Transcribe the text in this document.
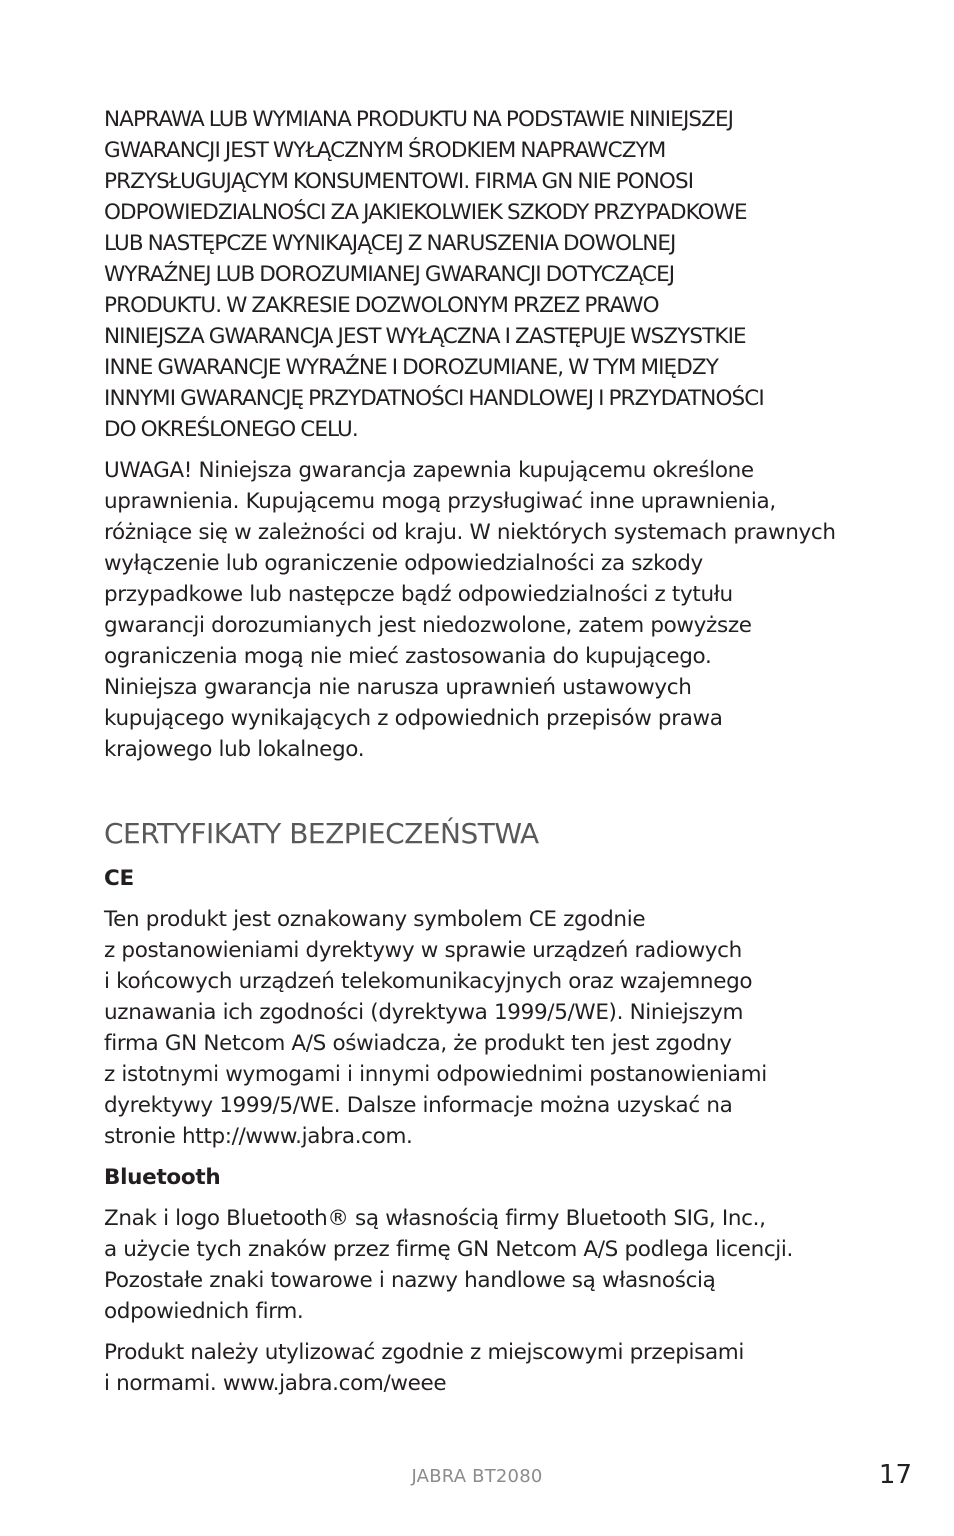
NAPRAWA LUB WYMIANA PRODUKTU NA PODSTAWIE NINIEJSZEJ
GWARANCJI JEST WYŁĄCZNYM ŚRODKIEM NAPRAWCZYM
PRZYSŁUGUJĄCYM KONSUMENTOWI. FIRMA GN NIE PONOSI
ODPOWIEDZIALNOŚCI ZA JAKIEKOLWIEK SZKODY PRZYPADKOWE
LUB NASTĘPCZE WYNIKAJĄCEJ Z NARUSZENIA DOWOLNEJ
WYRAŹNEJ LUB DOROZUMIANEJ GWARANCJI DOTYCZĄCEJ
PRODUKTU. W ZAKRESIE DOZWOLONYM PRZEZ PRAWO
NINIEJSZA GWARANCJA JEST WYŁĄCZNA I ZASTĘPUJE WSZYSTKIE
INNE GWARANCJE WYRAŹNE I DOROZUMIANE, W TYM MIĘDZY
INNYMI GWARANCJĘ PRZYDATNOŚCI HANDLOWEJ I PRZYDATNOŚCI
DO OKREŚLONEGO CELU.

UWAGA! Niniejsza gwarancja zapewnia kupującemu określone
uprawnienia. Kupującemu mogą przysługiwać inne uprawnienia,
różniące się w zależności od kraju. W niektórych systemach prawnych
wyłączenie lub ograniczenie odpowiedzialności za szkody
przypadkowe lub następcze bądź odpowiedzialności z tytułu
gwarancji dorozumianych jest niedozwolone, zatem powyższe
ograniczenia mogą nie mieć zastosowania do kupującego.
Niniejsza gwarancja nie narusza uprawnień ustawowych
kupującego wynikających z odpowiednich przepisów prawa
krajowego lub lokalnego.

CERTYFIKATY BEZPIECZEŃSTWA
CE

Ten produkt jest oznakowany symbolem CE zgodnie
z postanowieniami dyrektywy w sprawie urządzeń radiowych
i końcowych urządzeń telekomunikacyjnych oraz wzajemnego
uznawania ich zgodności (dyrektywa 1999/5/WE). Niniejszym
firma GN Netcom A/S oświadcza, że produkt ten jest zgodny
z istotnymi wymogami i innymi odpowiednimi postanowieniami
dyrektywy 1999/5/WE. Dalsze informacje można uzyskać na
stronie http://www.jabra.com.

Bluetooth

Znak i logo Bluetooth® są własnością firmy Bluetooth SIG, Inc.,
a użycie tych znaków przez firmę GN Netcom A/S podlega licencji.
Pozostałe znaki towarowe i nazwy handlowe są własnością
odpowiednich firm.

Produkt należy utylizować zgodnie z miejscowymi przepisami
i normami. www.jabra.com/weee

JABRA BT2080	17
